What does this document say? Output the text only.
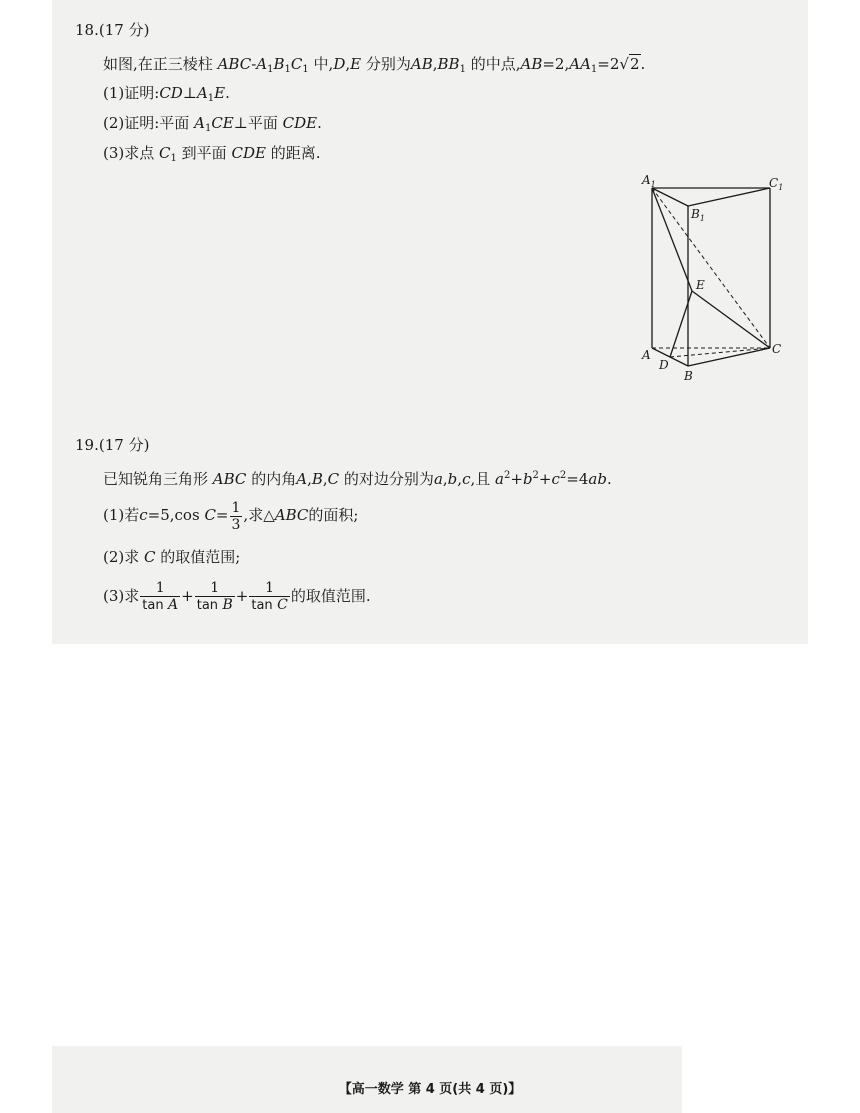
18.(17 分)
如图,在正三棱柱 ABC-$A_1B_1C_1$ 中,D,E 分别为$AB,BB_1$ 的中点$,AB=2,AA_1=2√2$.
(1)证明$:CD\perp A_1E$.
(2)证明:平面 $A_1CE\perp$平面 CDE.
(3)求点 $C_1$ 到平面 CDE 的距离.
$A_1$	$C_1$
$B_1$
E
A
D
B
C
19.(17 分)
已知锐角三角形 ABC 的内角A,B,C 的对边分别为a,b,c,且 $a^2+b^2+c^2=4ab$.
(1)若c=5,cos $C= \frac{1}{3}$ ,求△ABC的面积;
(2)求 C 的取值范围;
(3)求 $\frac{1}{\text{tan A}} + \frac{1}{\text{tan B}} + \frac{1}{\text{tan C}}$ 的取值范围.
【高一数学 第 4 页(共 4 页)】
